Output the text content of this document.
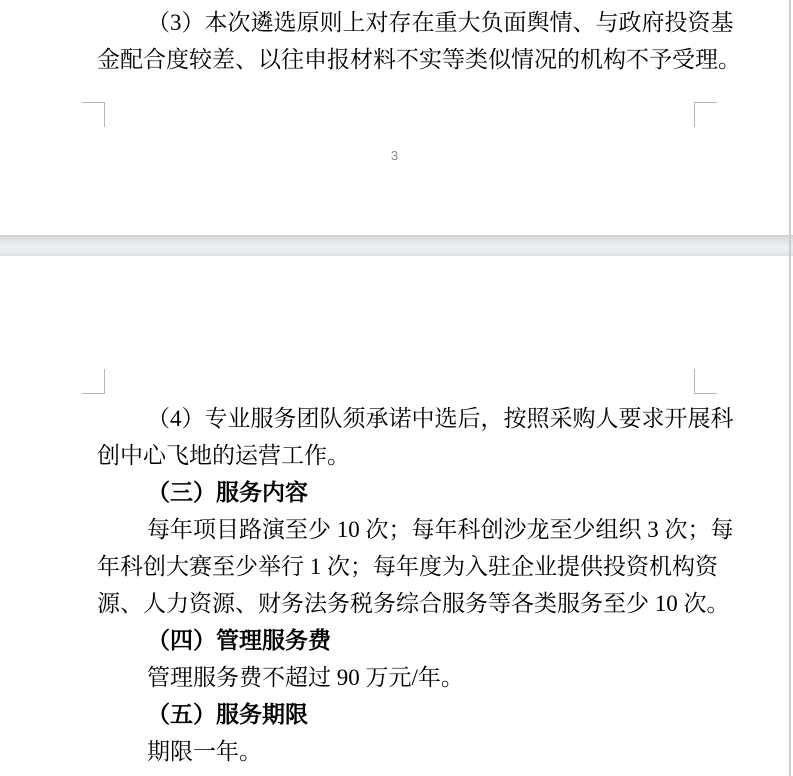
（3）本次遴选原则上对存在重大负面舆情、与政府投资基
金配合度较差、以往申报材料不实等类似情况的机构不予受理。
3
（4）专业服务团队须承诺中选后，按照采购人要求开展科
创中心飞地的运营工作。
（三）服务内容
每年项目路演至少 10 次；每年科创沙龙至少组织 3 次；每
年科创大赛至少举行 1 次；每年度为入驻企业提供投资机构资
源、人力资源、财务法务税务综合服务等各类服务至少 10 次。
（四）管理服务费
管理服务费不超过 90 万元/年。
（五）服务期限
期限一年。
